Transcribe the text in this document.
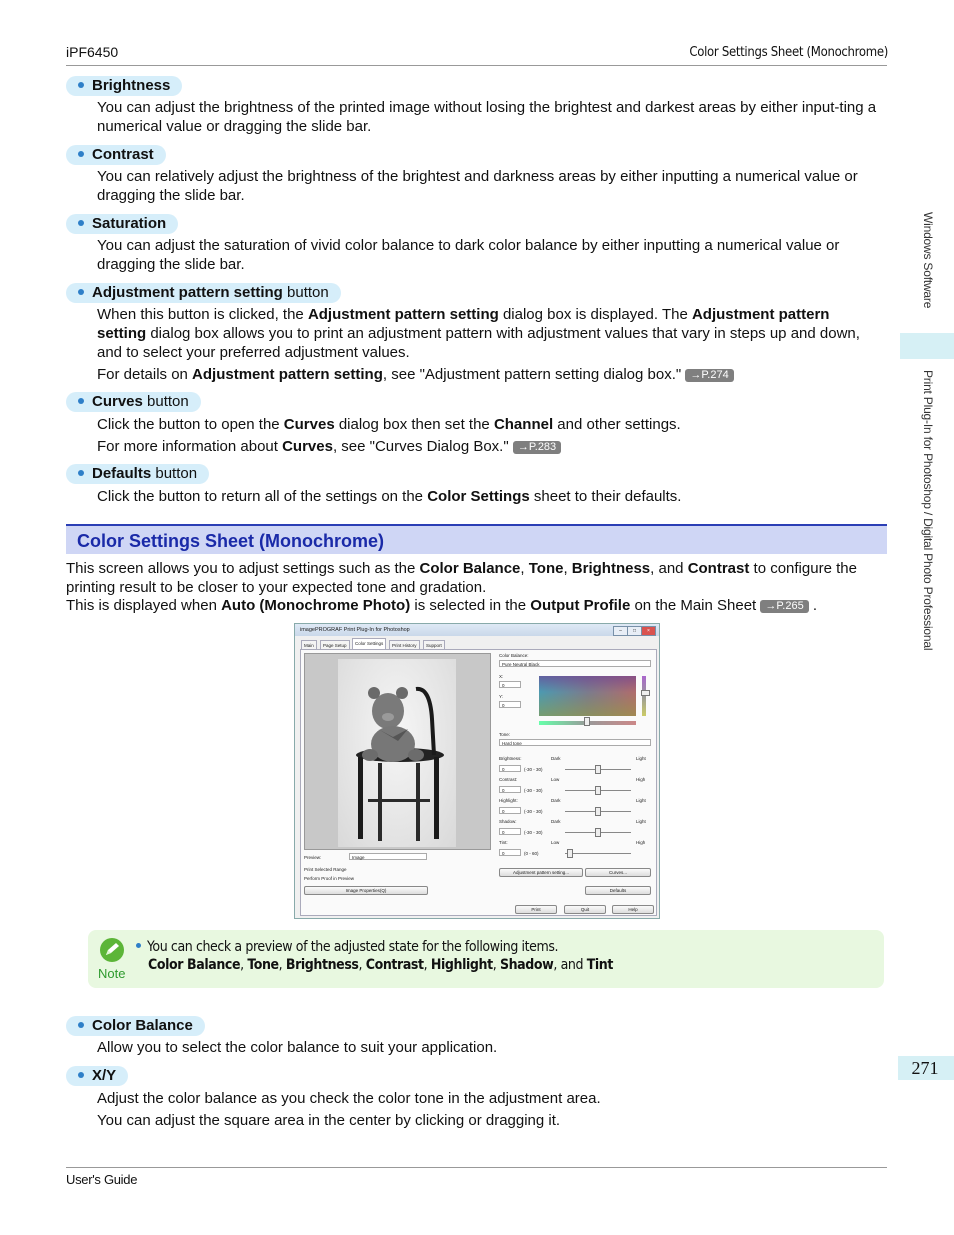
iPF6450	Color Settings Sheet (Monochrome)
User's Guide
Windows Software
Print Plug-In for Photoshop / Digital Photo Professional
271
Brightness
You can adjust the brightness of the printed image without losing the brightest and darkest areas by either input-ting a numerical value or dragging the slide bar.
Contrast
You can relatively adjust the brightness of the brightest and darkness areas by either inputting a numerical value or dragging the slide bar.
Saturation
You can adjust the saturation of vivid color balance to dark color balance by either inputting a numerical value or dragging the slide bar.
Adjustment pattern setting button
When this button is clicked, the Adjustment pattern setting dialog box is displayed. The Adjustment pattern setting dialog box allows you to print an adjustment pattern with adjustment values that vary in steps up and down, and to select your preferred adjustment values.
For details on Adjustment pattern setting, see "Adjustment pattern setting dialog box." →P.274
Curves button
Click the button to open the Curves dialog box then set the Channel and other settings.
For more information about Curves, see "Curves Dialog Box." →P.283
Defaults button
Click the button to return all of the settings on the Color Settings sheet to their defaults.
Color Settings Sheet (Monochrome)
This screen allows you to adjust settings such as the Color Balance, Tone, Brightness, and Contrast to configure the printing result to be closer to your expected tone and gradation.
This is displayed when Auto (Monochrome Photo) is selected in the Output Profile on the Main Sheet →P.265 .
imagePROGRAF Print Plug-In for Photoshop	–	□	×
Main	Page Setup	Color Settings	Print History	Support
Preview:	Image
Print Selected Range
Perform Proof in Preview
Image Properties(Q)
Color Balance:
Pure Neutral Black
X:
0
Y:
0
Tone:
Hard tone
Brightness:
0	(-30 - 30)
Dark	Light
Contrast:
0	(-30 - 30)
Low	High
Highlight:
0	(-30 - 30)
Dark	Light
Shadow:
0	(-30 - 30)
Dark	Light
Tint:
0	(0 - 60)
Low	High
Adjustment pattern setting...	Curves...
Defaults
Print	Quit	Help
Note
You can check a preview of the adjusted state for the following items.
Color Balance, Tone, Brightness, Contrast, Highlight, Shadow, and Tint
Color Balance
Allow you to select the color balance to suit your application.
X/Y
Adjust the color balance as you check the color tone in the adjustment area.
You can adjust the square area in the center by clicking or dragging it.
